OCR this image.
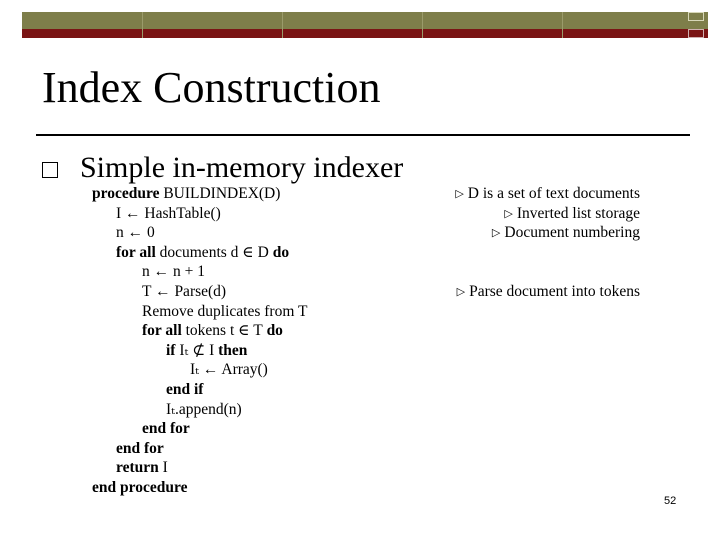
Index Construction
Simple in-memory indexer
procedure BUILDINDEX(D)	▷ D is a set of text documents
I ← HashTable()	▷ Inverted list storage
n ← 0	▷ Document numbering
for all documents d ∈ D do
n ← n + 1
T ← Parse(d)	▷ Parse document into tokens
Remove duplicates from T
for all tokens t ∈ T do
if Iₜ ⊄ I then
Iₜ ← Array()
end if
Iₜ.append(n)
end for
end for
return I
end procedure
52
